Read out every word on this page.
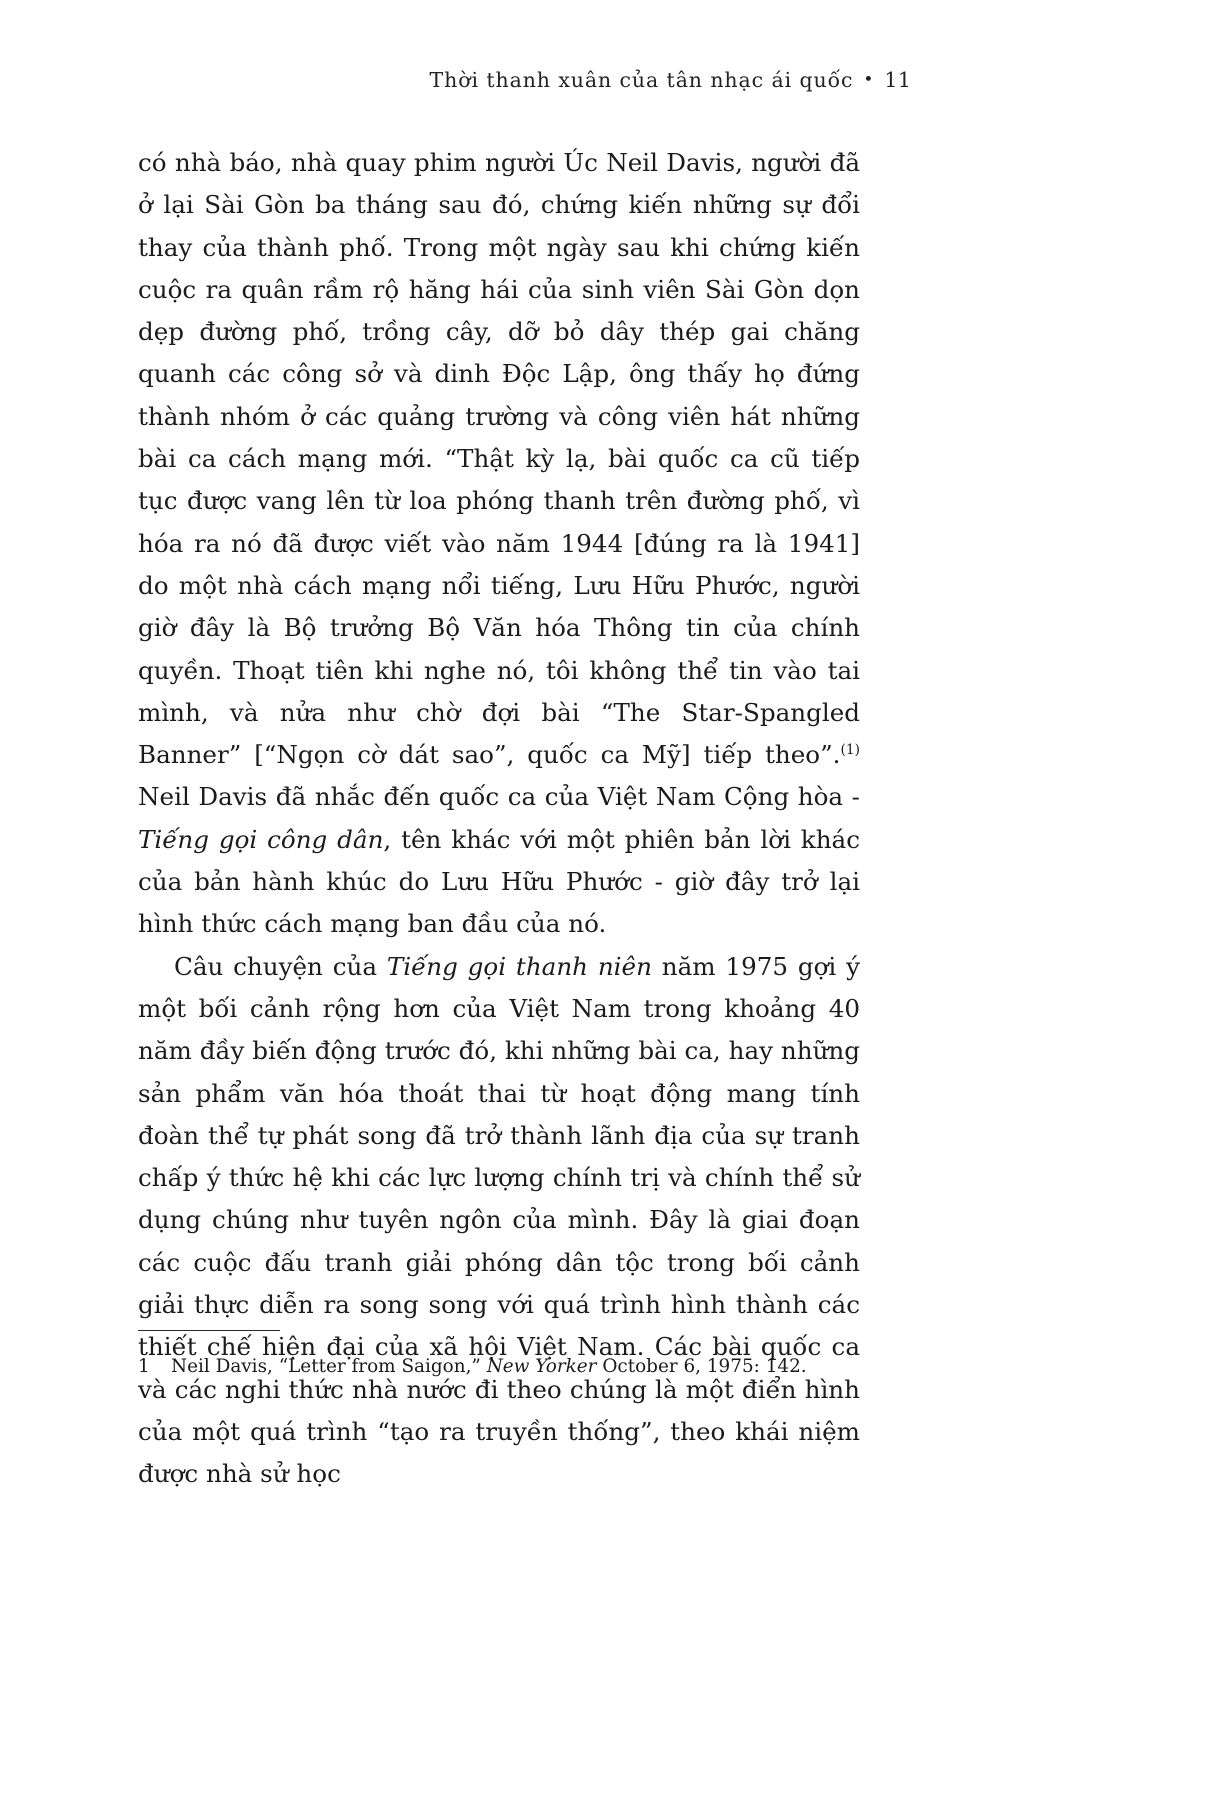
Thời thanh xuân của tân nhạc ái quốc • 11

có nhà báo, nhà quay phim người Úc Neil Davis, người đã ở lại Sài Gòn ba tháng sau đó, chứng kiến những sự đổi thay của thành phố. Trong một ngày sau khi chứng kiến cuộc ra quân rầm rộ hăng hái của sinh viên Sài Gòn dọn dẹp đường phố, trồng cây, dỡ bỏ dây thép gai chăng quanh các công sở và dinh Độc Lập, ông thấy họ đứng thành nhóm ở các quảng trường và công viên hát những bài ca cách mạng mới. “Thật kỳ lạ, bài quốc ca cũ tiếp tục được vang lên từ loa phóng thanh trên đường phố, vì hóa ra nó đã được viết vào năm 1944 [đúng ra là 1941] do một nhà cách mạng nổi tiếng, Lưu Hữu Phước, người giờ đây là Bộ trưởng Bộ Văn hóa Thông tin của chính quyền. Thoạt tiên khi nghe nó, tôi không thể tin vào tai mình, và nửa như chờ đợi bài “The Star-Spangled Banner” [“Ngọn cờ dát sao”, quốc ca Mỹ] tiếp theo”.$^{(1)}$ Neil Davis đã nhắc đến quốc ca của Việt Nam Cộng hòa - Tiếng gọi công dân, tên khác với một phiên bản lời khác của bản hành khúc do Lưu Hữu Phước - giờ đây trở lại hình thức cách mạng ban đầu của nó.

Câu chuyện của Tiếng gọi thanh niên năm 1975 gợi ý một bối cảnh rộng hơn của Việt Nam trong khoảng 40 năm đầy biến động trước đó, khi những bài ca, hay những sản phẩm văn hóa thoát thai từ hoạt động mang tính đoàn thể tự phát song đã trở thành lãnh địa của sự tranh chấp ý thức hệ khi các lực lượng chính trị và chính thể sử dụng chúng như tuyên ngôn của mình. Đây là giai đoạn các cuộc đấu tranh giải phóng dân tộc trong bối cảnh giải thực diễn ra song song với quá trình hình thành các thiết chế hiện đại của xã hội Việt Nam. Các bài quốc ca và các nghi thức nhà nước đi theo chúng là một điển hình của một quá trình “tạo ra truyền thống”, theo khái niệm được nhà sử học

1	Neil Davis, “Letter from Saigon,” New Yorker October 6, 1975: 142.
